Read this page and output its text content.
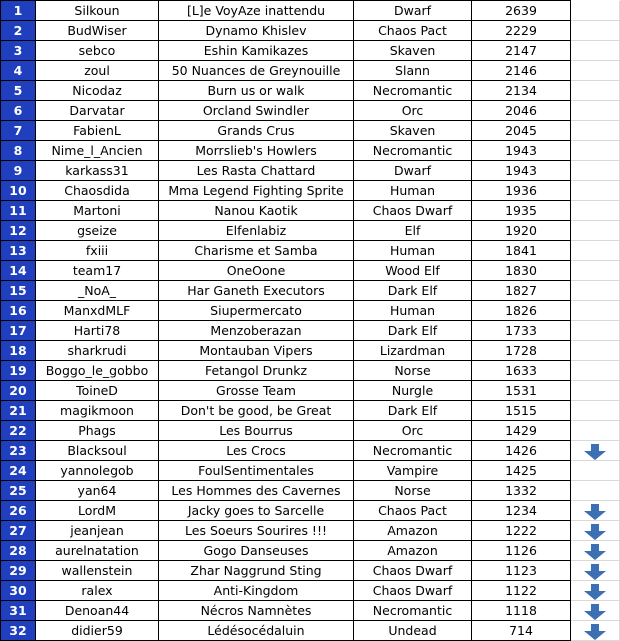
1	Silkoun	[L]e VoyAze inattendu	Dwarf	2639	
2	BudWiser	Dynamo Khislev	Chaos Pact	2229	
3	sebco	Eshin Kamikazes	Skaven	2147	
4	zoul	50 Nuances de Greynouille	Slann	2146	
5	Nicodaz	Burn us or walk	Necromantic	2134	
6	Darvatar	Orcland Swindler	Orc	2046	
7	FabienL	Grands Crus	Skaven	2045	
8	Nime_l_Ancien	Morrslieb's Howlers	Necromantic	1943	
9	karkass31	Les Rasta Chattard	Dwarf	1943	
10	Chaosdida	Mma Legend Fighting Sprite	Human	1936	
11	Martoni	Nanou Kaotik	Chaos Dwarf	1935	
12	gseize	Elfenlabiz	Elf	1920	
13	fxiii	Charisme et Samba	Human	1841	
14	team17	OneOone	Wood Elf	1830	
15	_NoA_	Har Ganeth Executors	Dark Elf	1827	
16	ManxdMLF	Siupermercato	Human	1826	
17	Harti78	Menzoberazan	Dark Elf	1733	
18	sharkrudi	Montauban Vipers	Lizardman	1728	
19	Boggo_le_gobbo	Fetangol Drunkz	Norse	1633	
20	ToineD	Grosse Team	Nurgle	1531	
21	magikmoon	Don't be good, be Great	Dark Elf	1515	
22	Phags	Les Bourrus	Orc	1429	
23	Blacksoul	Les Crocs	Necromantic	1426	
24	yannolegob	FoulSentimentales	Vampire	1425	
25	yan64	Les Hommes des Cavernes	Norse	1332	
26	LordM	Jacky goes to Sarcelle	Chaos Pact	1234	
27	jeanjean	Les Soeurs Sourires !!!	Amazon	1222	
28	aurelnatation	Gogo Danseuses	Amazon	1126	
29	wallenstein	Zhar Naggrund Sting	Chaos Dwarf	1123	
30	ralex	Anti-Kingdom	Chaos Dwarf	1122	
31	Denoan44	Nécros Namnètes	Necromantic	1118	
32	didier59	Lédésocédaluin	Undead	714	
